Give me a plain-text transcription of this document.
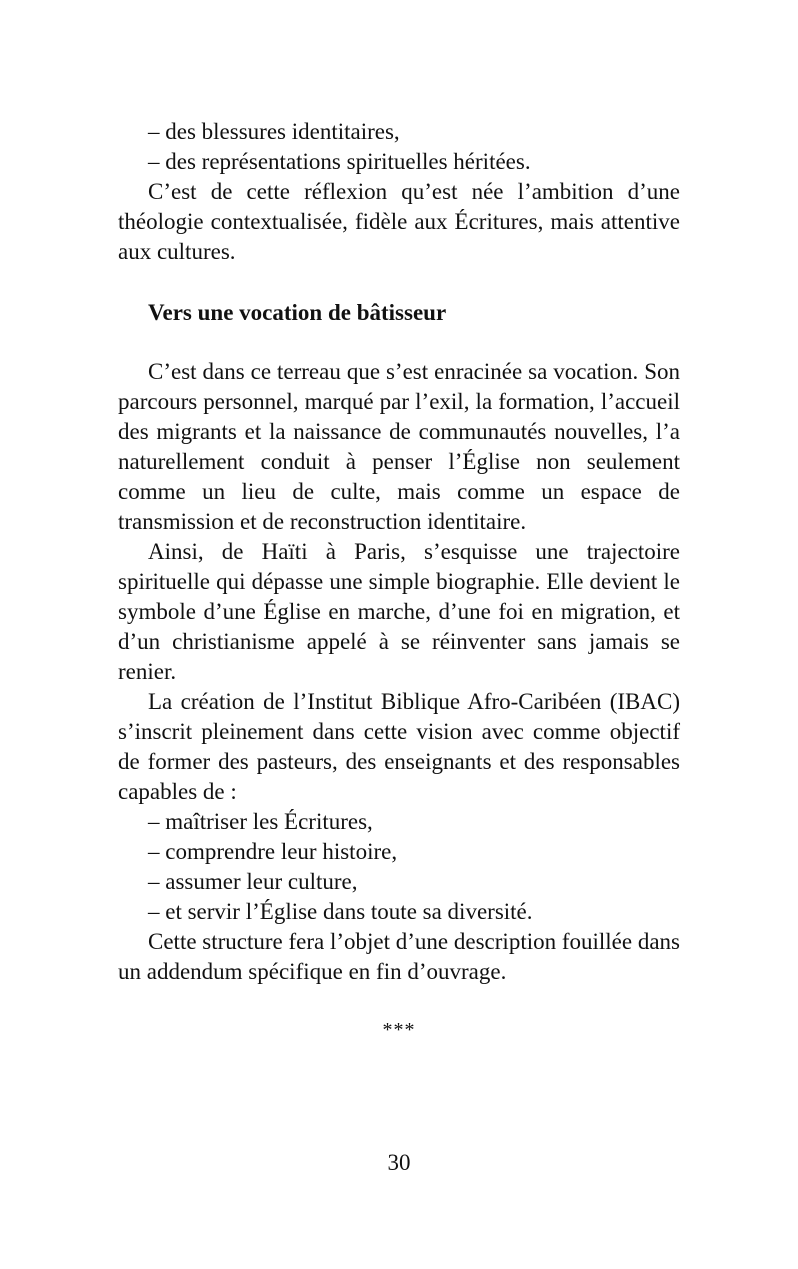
– des blessures identitaires,

– des représentations spirituelles héritées.

C’est de cette réflexion qu’est née l’ambition d’une théologie contextualisée, fidèle aux Écritures, mais attentive aux cultures.

Vers une vocation de bâtisseur

C’est dans ce terreau que s’est enracinée sa vocation. Son parcours personnel, marqué par l’exil, la formation, l’accueil des migrants et la naissance de communautés nouvelles, l’a naturellement conduit à penser l’Église non seulement comme un lieu de culte, mais comme un espace de transmission et de reconstruction identitaire.

Ainsi, de Haïti à Paris, s’esquisse une trajectoire spirituelle qui dépasse une simple biographie. Elle devient le symbole d’une Église en marche, d’une foi en migration, et d’un christianisme appelé à se réinventer sans jamais se renier.

La création de l’Institut Biblique Afro-Caribéen (IBAC) s’inscrit pleinement dans cette vision avec comme objectif de former des pasteurs, des enseignants et des responsables capables de :

– maîtriser les Écritures,

– comprendre leur histoire,

– assumer leur culture,

– et servir l’Église dans toute sa diversité.

Cette structure fera l’objet d’une description fouillée dans un addendum spécifique en fin d’ouvrage.

***
30
